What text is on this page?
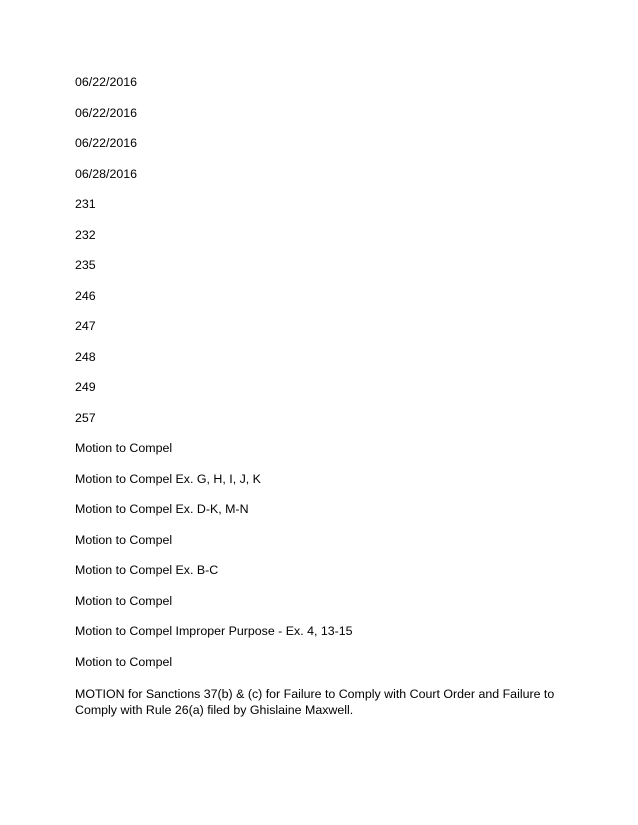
06/22/2016
06/22/2016
06/22/2016
06/28/2016
231
232
235
246
247
248
249
257
Motion to Compel
Motion to Compel Ex. G, H, I, J, K
Motion to Compel Ex. D-K, M-N
Motion to Compel
Motion to Compel Ex. B-C
Motion to Compel
Motion to Compel Improper Purpose - Ex. 4, 13-15
Motion to Compel

MOTION for Sanctions 37(b) & (c) for Failure to Comply with Court Order and Failure to Comply with Rule 26(a) filed by Ghislaine Maxwell.
